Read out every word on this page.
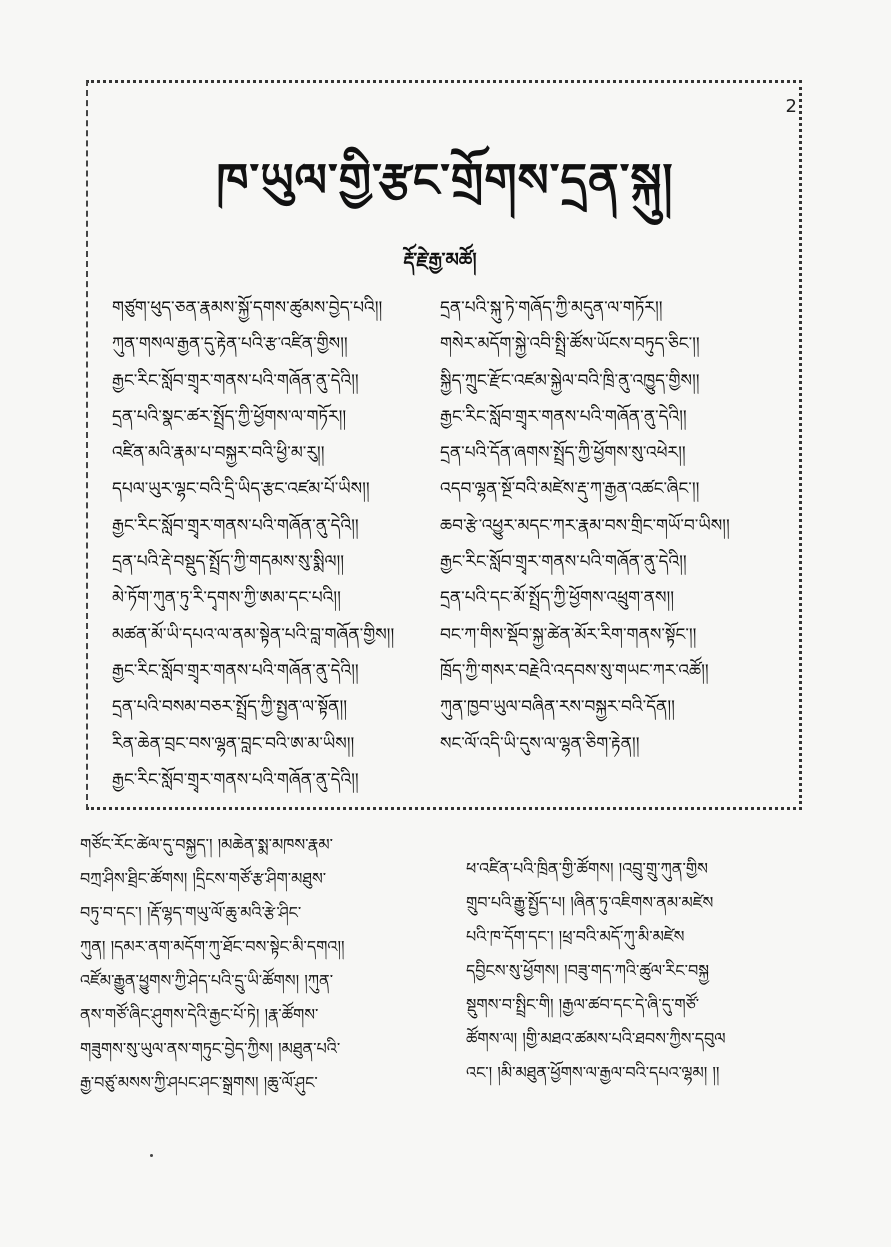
2
ཁ་ཡུལ་གྱི་རྩང་གྲོགས་དྲན་སྐུ།
རྡོ་རྗེ་རྒྱ་མཚོ།
གཙུག་ཕུད་ཅན་རྣམས་སྐྱོ་དགས་ཚུམས་བྱེད་པའི།།
ཀུན་གསལ་རྒྱན་དུ་རྟེན་པའི་རྩ་འཛིན་གྱིས།།
རྒྱང་རིང་སློབ་གྲྭར་གནས་པའི་གཞོན་ནུ་དེའི།།
དྲན་པའི་སྣང་ཚར་སྤྲོད་ཀྱི་ཕྱོགས་ལ་གཏོར།།
འཛིན་མའི་རྣམ་པ་བསྐྱར་བའི་ཕྱི་མ་རུ།།
དཔལ་ཡུར་ལྷང་བའི་དྲི་ཡིད་རྩང་འཛམ་པོ་ཡིས།།
རྒྱང་རིང་སློབ་གྲྭར་གནས་པའི་གཞོན་ནུ་དེའི།།
དྲན་པའི་རྡེ་བསྡུད་སྤྲོད་ཀྱི་གདམས་སུ་སྨིལ།།
མེ་ཏོག་ཀུན་ཏུ་རི་དྭགས་ཀྱི་ཨམ་དང་པའི།།
མཚན་མོ་ཡི་དཔའ་ལ་ནམ་སྟེན་པའི་བླ་གཞོན་གྱིས།།
རྒྱང་རིང་སློབ་གྲྭར་གནས་པའི་གཞོན་ནུ་དེའི།།
དྲན་པའི་བསམ་བཅར་སྤྲོད་ཀྱི་སྤྱན་ལ་སྟོན།།
རིན་ཆེན་བྲང་བས་ལྷན་བླང་བའི་ཨ་མ་ཡིས།།
རྒྱང་རིང་སློབ་གྲྭར་གནས་པའི་གཞོན་ནུ་དེའི།།
དྲན་པའི་སྐུ་ཏེ་གཞོད་ཀྱི་མདུན་ལ་གཏོར།།
གསེར་མདོག་སྐྱེ་འབི་སྤྲི་ཚོས་ཡོངས་བཏུད་ཅིང་།།
སྐྱིད་ཀྲུང་རྫོང་འཛམ་སྐྱེལ་བའི་ཁྲི་ནུ་འཁྱུད་གྱིས།།
རྒྱང་རིང་སློབ་གྲྭར་གནས་པའི་གཞོན་ནུ་དེའི།།
དྲན་པའི་དོན་ཞགས་སྤྲོད་ཀྱི་ཕྱོགས་སུ་འཕེར།།
འདབ་ལྷན་སྔོ་བའི་མཛེས་རྡུ་ཀ་རྒྱན་འཚང་ཞིང་།།
ཆབ་རྩེ་འཕྱུར་མདང་ཀར་རྣམ་བས་གྲིང་གཡོ་བ་ཡིས།།
རྒྱང་རིང་སློབ་གྲྭར་གནས་པའི་གཞོན་ནུ་དེའི།།
དྲན་པའི་དང་མོ་སྤྲོད་ཀྱི་ཕྱོགས་འཕྲུག་ནས།།
བང་ཀ་གིས་སྡོབ་སྐྱ་ཚེན་མོར་རིག་གནས་སྟོང་།།
ཁྲོད་ཀྱི་གསར་བརྗེའི་འདབས་སུ་གཡང་ཀར་འཚོ།།
ཀུན་ཁྱབ་ཡུལ་བཞིན་རས་བསྐྱར་བའི་དོན།།
སང་ལོ་འདི་ཡི་དུས་ལ་ལྷན་ཅིག་རྟེན།།
གཙོང་རོང་ཚེལ་དུ་བསྐྱད་། །མཆེན་སྨ་མཁས་རྣམ་
བཀྲ་ཤིས་ཐྲིང་ཚོགས། །དྲིངས་གཙོ་རྩ་ཤིག་མཐུས་
བཏུ་བ་དང་། །རྡོ་ལྷད་གཡུ་ལོ་ཆུ་མའི་རྩེ་ཤིང་
ཀུན། །དམར་ནག་མདོག་ཀུ་ཐོང་བས་སྟེང་མི་དགའ།།
འཛོམ་རྒྱུན་ཕྱུགས་ཀྱི་ཤེད་པའི་དྲུ་ཡི་ཚོགས། །ཀུན་
ནས་གཙོ་ཞིང་ཤུགས་དེའི་རྒྱང་པོ་ཏེ། །རྣ་ཚོགས་
གཟུགས་སུ་ཡུལ་ནས་གཏུང་བྱེད་ཀྱིས། །མཐུན་པའི་
རྒྱ་བཙུ་མསས་ཀྱི་ཤཔང་ཤང་སྒྲགས། །ཆུ་ལོ་ཤུང་
ཕ་འཛིན་པའི་ཁྲིན་གྱི་ཚོགས། །འབྲུ་གྲུ་ཀུན་གྱིས
གྲུབ་པའི་རྒྱུ་སྤྱོད་པ། །ཞིན་ཏུ་འཇིགས་ནམ་མཛེས
པའི་ཁ་དོག་དང་། །ཕྲ་བའི་མདོ་ཀུ་མི་མཛེས
དབྱིངས་སུ་ཕྱོགས། །བཟུ་གད་ཀའི་ཚུལ་རིང་བསྐྱ
སྡུགས་བ་སྤྲིང་གི། །རྒྱལ་ཚབ་དང་དེ་ཞི་དུ་གཙོ་
ཚོགས་ལ། །གྱི་མཐའ་ཚམས་པའི་ཐབས་ཀྱིས་དབུལ
འང་། །མི་མཐུན་ཕྱོགས་ལ་རྒྱལ་བའི་དཔའ་ལྷམ། །།
